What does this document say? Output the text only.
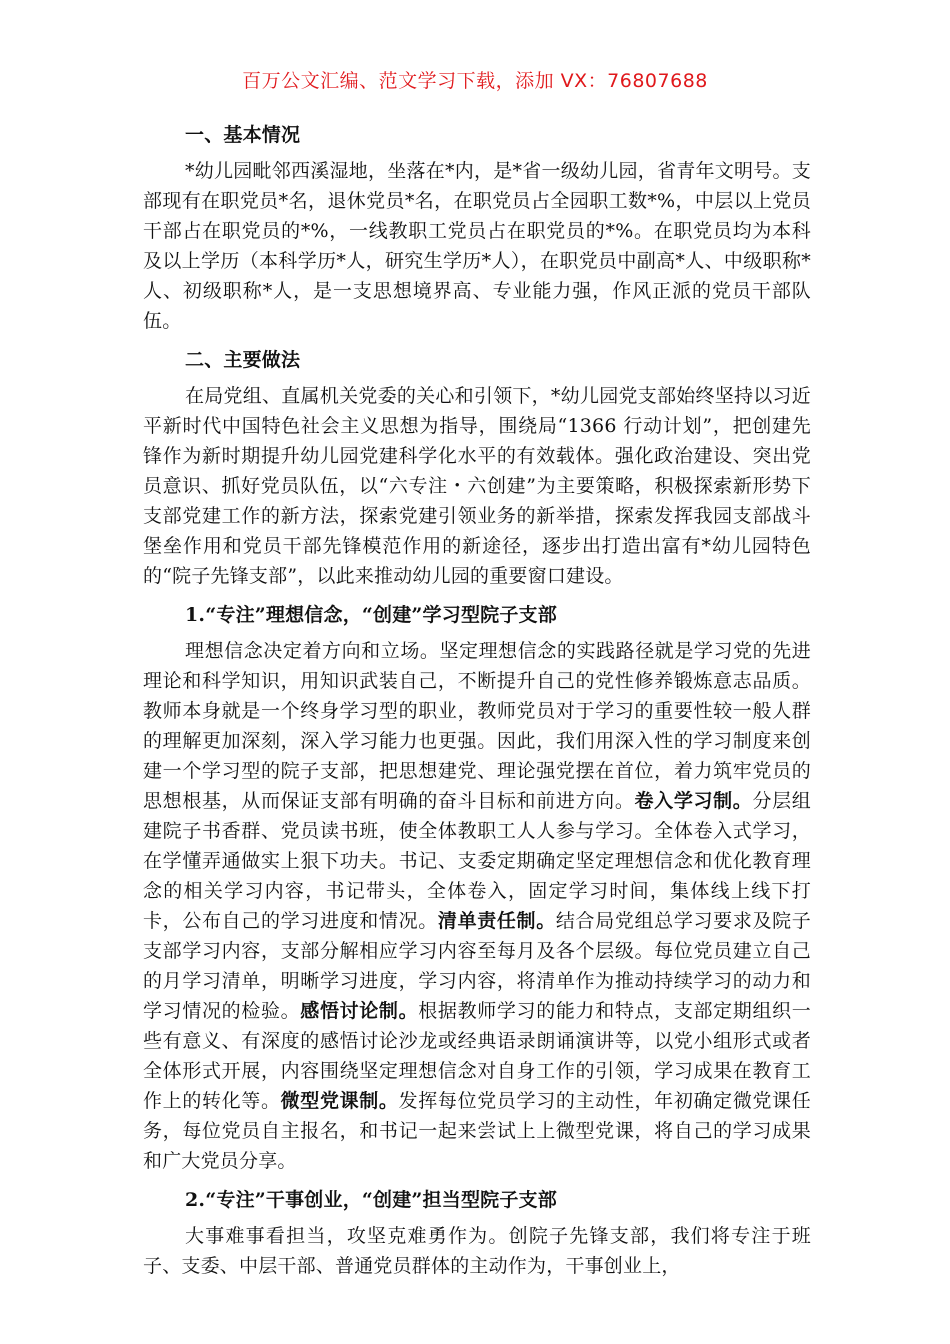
百万公文汇编、范文学习下载，添加 VX：76807688

一、基本情况

*幼儿园毗邻西溪湿地，坐落在*内，是*省一级幼儿园，省青年文明号。支部现有在职党员*名，退休党员*名，在职党员占全园职工数*%，中层以上党员干部占在职党员的*%，一线教职工党员占在职党员的*%。在职党员均为本科及以上学历（本科学历*人，研究生学历*人），在职党员中副高*人、中级职称*人、初级职称*人，是一支思想境界高、专业能力强，作风正派的党员干部队伍。

二、主要做法

在局党组、直属机关党委的关心和引领下，*幼儿园党支部始终坚持以习近平新时代中国特色社会主义思想为指导，围绕局“1366 行动计划”，把创建先锋作为新时期提升幼儿园党建科学化水平的有效载体。强化政治建设、突出党员意识、抓好党员队伍，以“六专注・六创建”为主要策略，积极探索新形势下支部党建工作的新方法，探索党建引领业务的新举措，探索发挥我园支部战斗堡垒作用和党员干部先锋模范作用的新途径，逐步出打造出富有*幼儿园特色的“院子先锋支部”，以此来推动幼儿园的重要窗口建设。

1.“专注”理想信念，“创建”学习型院子支部

理想信念决定着方向和立场。坚定理想信念的实践路径就是学习党的先进理论和科学知识，用知识武装自己，不断提升自己的党性修养锻炼意志品质。教师本身就是一个终身学习型的职业，教师党员对于学习的重要性较一般人群的理解更加深刻，深入学习能力也更强。因此，我们用深入性的学习制度来创建一个学习型的院子支部，把思想建党、理论强党摆在首位，着力筑牢党员的思想根基，从而保证支部有明确的奋斗目标和前进方向。卷入学习制。分层组建院子书香群、党员读书班，使全体教职工人人参与学习。全体卷入式学习，在学懂弄通做实上狠下功夫。书记、支委定期确定坚定理想信念和优化教育理念的相关学习内容，书记带头，全体卷入，固定学习时间，集体线上线下打卡，公布自己的学习进度和情况。清单责任制。结合局党组总学习要求及院子支部学习内容，支部分解相应学习内容至每月及各个层级。每位党员建立自己的月学习清单，明晰学习进度，学习内容，将清单作为推动持续学习的动力和学习情况的检验。感悟讨论制。根据教师学习的能力和特点，支部定期组织一些有意义、有深度的感悟讨论沙龙或经典语录朗诵演讲等，以党小组形式或者全体形式开展，内容围绕坚定理想信念对自身工作的引领，学习成果在教育工作上的转化等。微型党课制。发挥每位党员学习的主动性，年初确定微党课任务，每位党员自主报名，和书记一起来尝试上上微型党课，将自己的学习成果和广大党员分享。

2.“专注”干事创业，“创建”担当型院子支部

大事难事看担当，攻坚克难勇作为。创院子先锋支部，我们将专注于班子、支委、中层干部、普通党员群体的主动作为，干事创业上，
